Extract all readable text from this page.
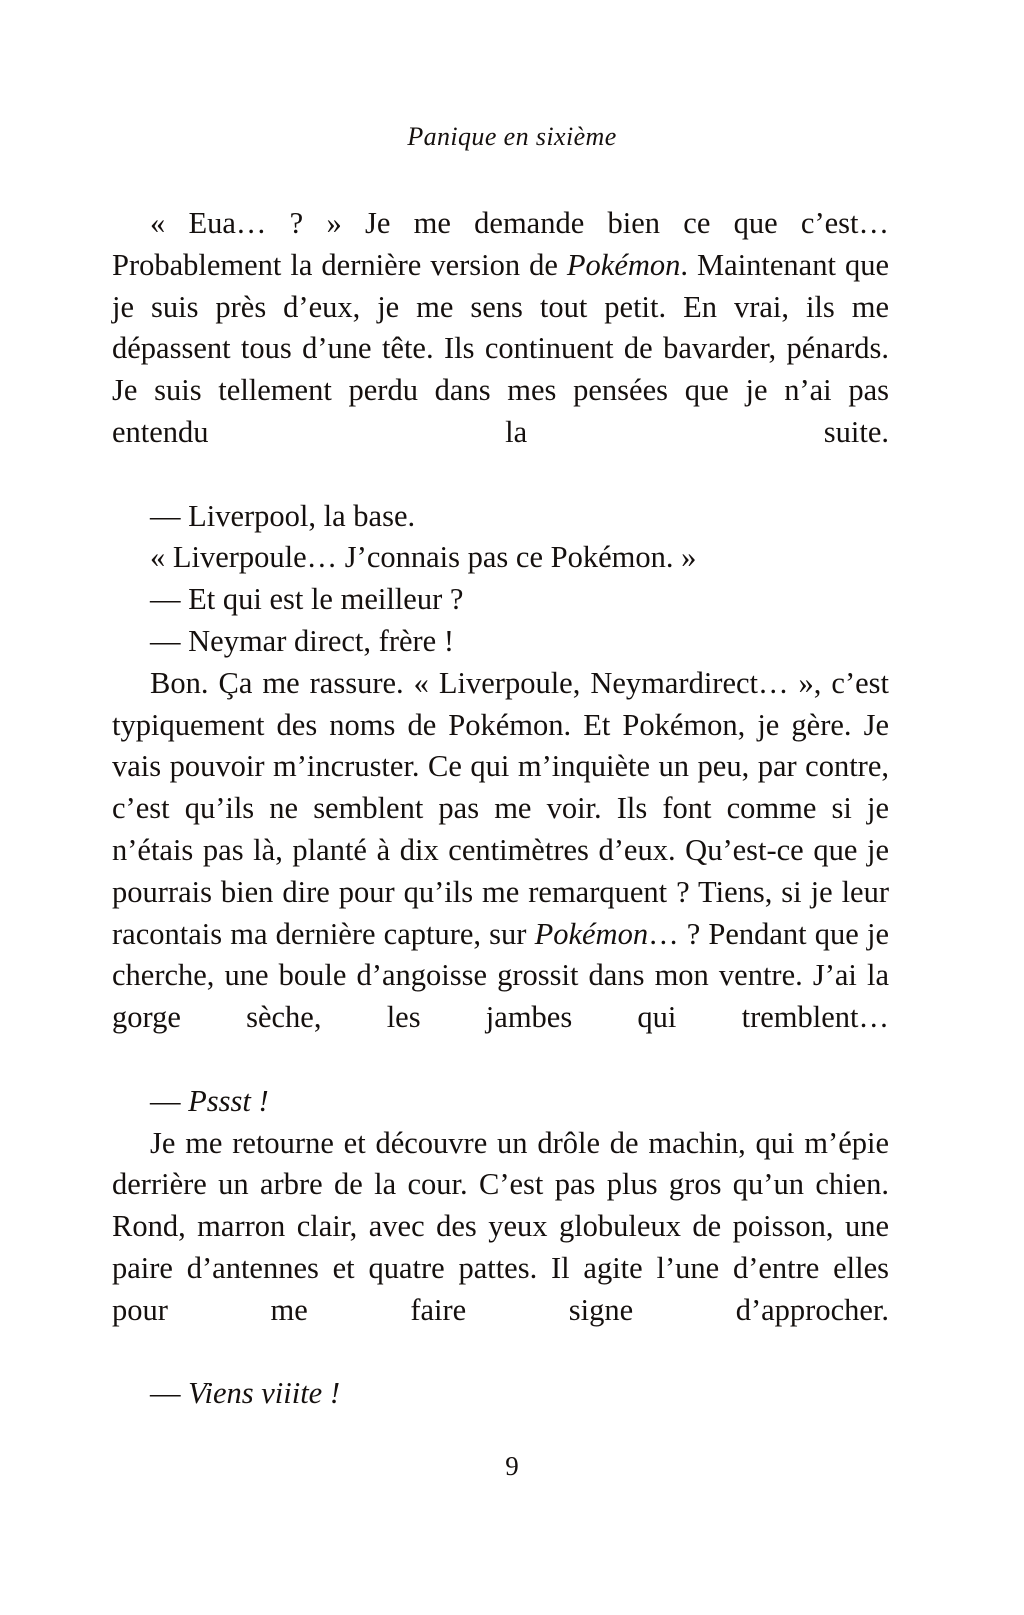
Panique en sixième

« Eua… ? » Je me demande bien ce que c’est… Probablement la dernière version de Pokémon. Maintenant que je suis près d’eux, je me sens tout petit. En vrai, ils me dépassent tous d’une tête. Ils continuent de bavarder, pénards. Je suis tellement perdu dans mes pensées que je n’ai pas entendu la suite.

— Liverpool, la base.

« Liverpoule… J’connais pas ce Pokémon. »

— Et qui est le meilleur ?

— Neymar direct, frère !

Bon. Ça me rassure. « Liverpoule, Neymardirect… », c’est typiquement des noms de Pokémon. Et Pokémon, je gère. Je vais pouvoir m’incruster. Ce qui m’inquiète un peu, par contre, c’est qu’ils ne semblent pas me voir. Ils font comme si je n’étais pas là, planté à dix centimètres d’eux. Qu’est-ce que je pourrais bien dire pour qu’ils me remarquent ? Tiens, si je leur racontais ma dernière capture, sur Pokémon… ? Pendant que je cherche, une boule d’angoisse grossit dans mon ventre. J’ai la gorge sèche, les jambes qui tremblent…

— Pssst !

Je me retourne et découvre un drôle de machin, qui m’épie derrière un arbre de la cour. C’est pas plus gros qu’un chien. Rond, marron clair, avec des yeux globuleux de poisson, une paire d’antennes et quatre pattes. Il agite l’une d’entre elles pour me faire signe d’approcher.

— Viens viiite !

9
